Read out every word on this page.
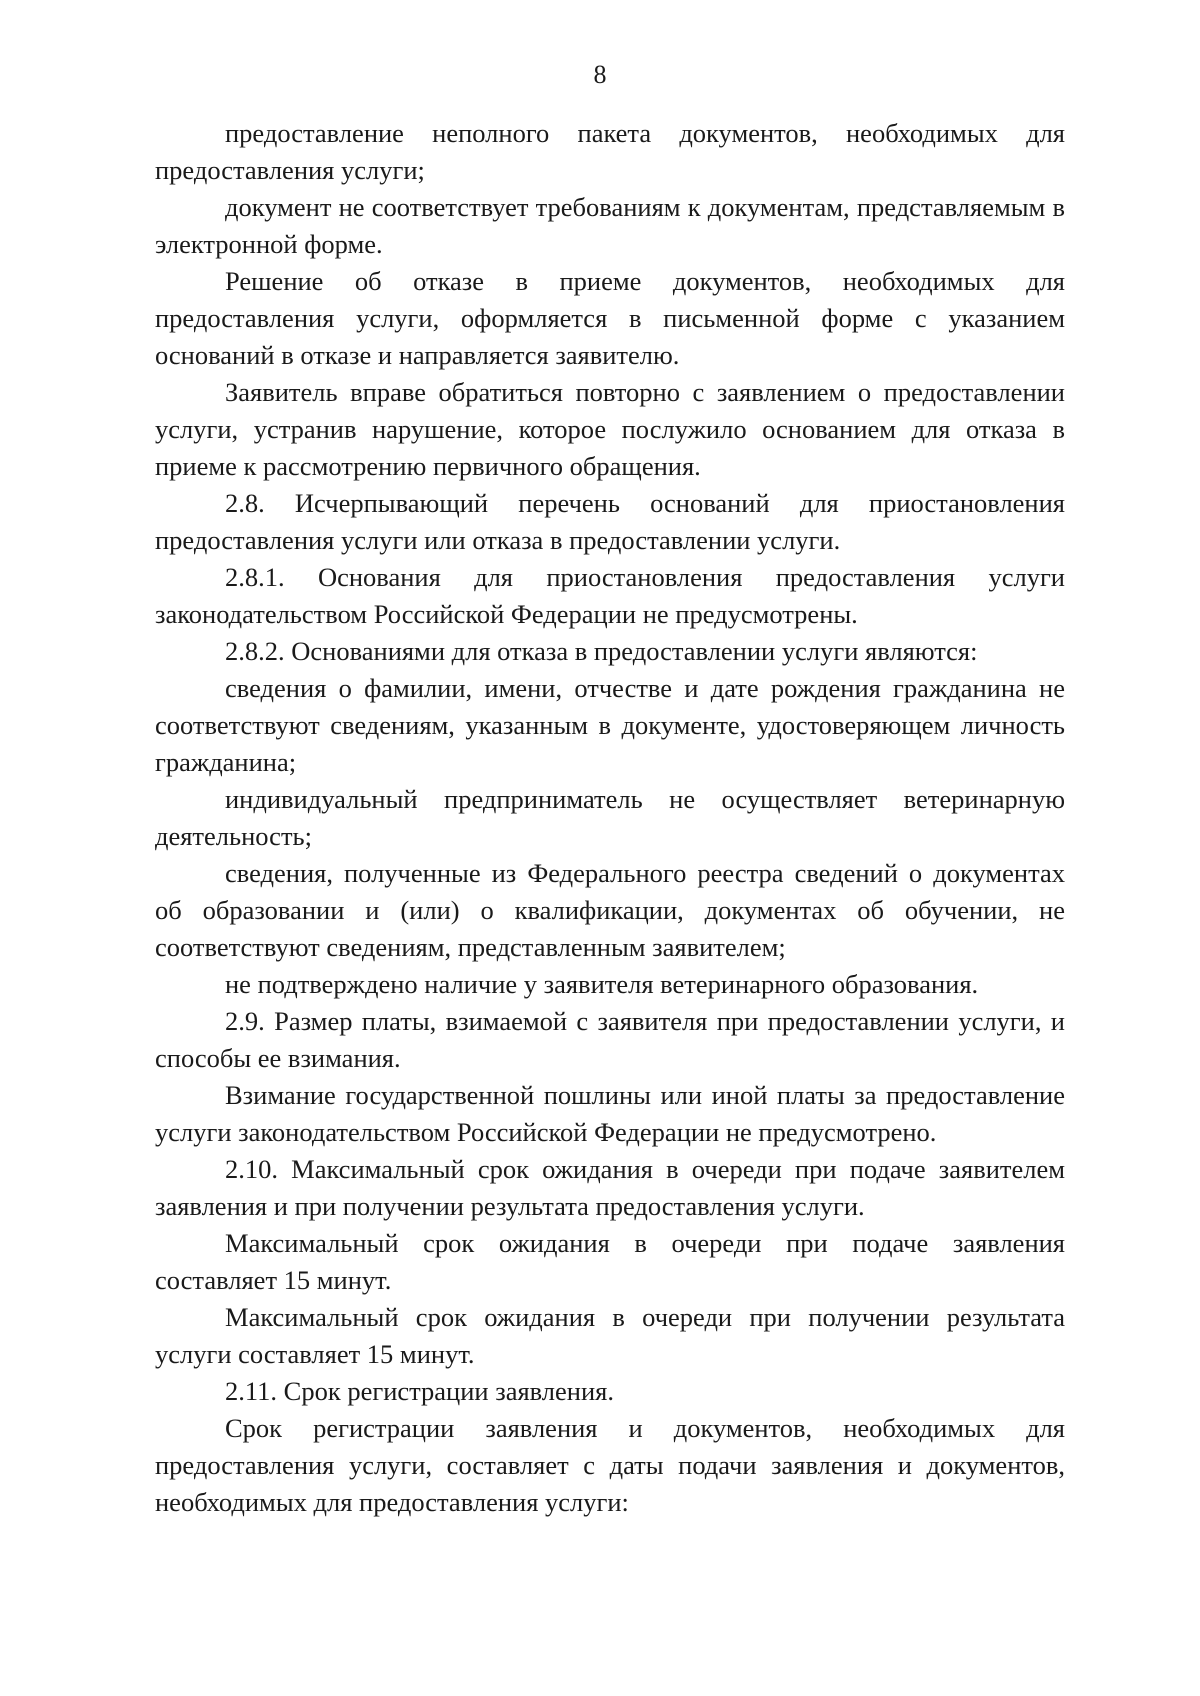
8

предоставление неполного пакета документов, необходимых для предоставления услуги;

документ не соответствует требованиям к документам, представляемым в электронной форме.

Решение об отказе в приеме документов, необходимых для предоставления услуги, оформляется в письменной форме с указанием оснований в отказе и направляется заявителю.

Заявитель вправе обратиться повторно с заявлением о предоставлении услуги, устранив нарушение, которое послужило основанием для отказа в приеме к рассмотрению первичного обращения.

2.8. Исчерпывающий перечень оснований для приостановления предоставления услуги или отказа в предоставлении услуги.

2.8.1. Основания для приостановления предоставления услуги законодательством Российской Федерации не предусмотрены.

2.8.2. Основаниями для отказа в предоставлении услуги являются:

сведения о фамилии, имени, отчестве и дате рождения гражданина не соответствуют сведениям, указанным в документе, удостоверяющем личность гражданина;

индивидуальный предприниматель не осуществляет ветеринарную деятельность;

сведения, полученные из Федерального реестра сведений о документах об образовании и (или) о квалификации, документах об обучении, не соответствуют сведениям, представленным заявителем;

не подтверждено наличие у заявителя ветеринарного образования.

2.9. Размер платы, взимаемой с заявителя при предоставлении услуги, и способы ее взимания.

Взимание государственной пошлины или иной платы за предоставление услуги законодательством Российской Федерации не предусмотрено.

2.10. Максимальный срок ожидания в очереди при подаче заявителем заявления и при получении результата предоставления услуги.

Максимальный срок ожидания в очереди при подаче заявления составляет 15 минут.

Максимальный срок ожидания в очереди при получении результата услуги составляет 15 минут.

2.11. Срок регистрации заявления.

Срок регистрации заявления и документов, необходимых для предоставления услуги, составляет с даты подачи заявления и документов, необходимых для предоставления услуги:
